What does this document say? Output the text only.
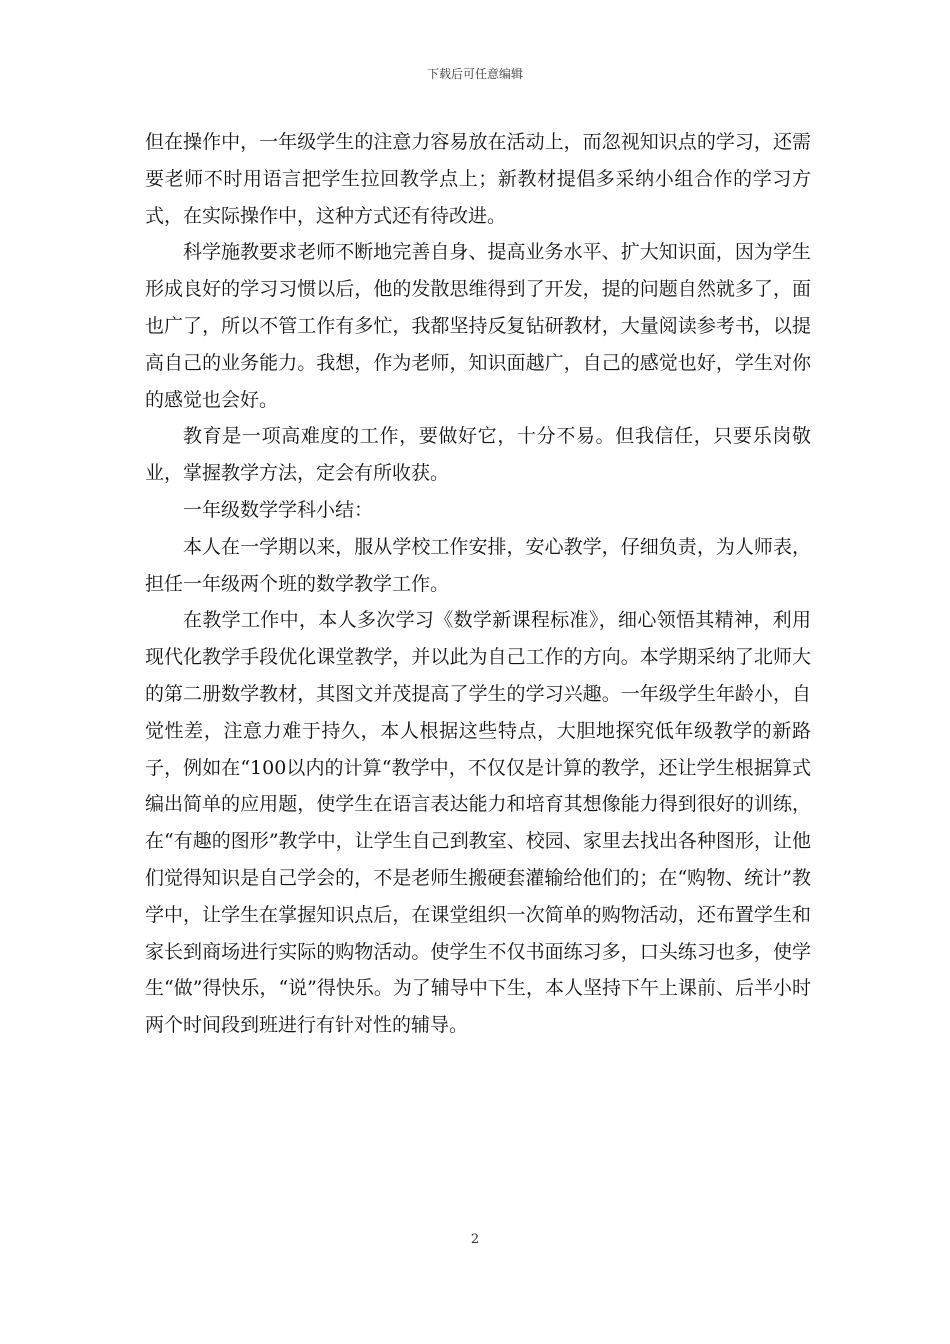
下载后可任意编辑

但在操作中，一年级学生的注意力容易放在活动上，而忽视知识点的学习，还需要老师不时用语言把学生拉回教学点上；新教材提倡多采纳小组合作的学习方式，在实际操作中，这种方式还有待改进。

科学施教要求老师不断地完善自身、提高业务水平、扩大知识面，因为学生形成良好的学习习惯以后，他的发散思维得到了开发，提的问题自然就多了，面也广了，所以不管工作有多忙，我都坚持反复钻研教材，大量阅读参考书，以提高自己的业务能力。我想，作为老师，知识面越广，自己的感觉也好，学生对你的感觉也会好。

教育是一项高难度的工作，要做好它，十分不易。但我信任，只要乐岗敬业，掌握教学方法，定会有所收获。

一年级数学学科小结：

本人在一学期以来，服从学校工作安排，安心教学，仔细负责，为人师表，担任一年级两个班的数学教学工作。

在教学工作中，本人多次学习《数学新课程标准》，细心领悟其精神，利用现代化教学手段优化课堂教学，并以此为自己工作的方向。本学期采纳了北师大的第二册数学教材，其图文并茂提高了学生的学习兴趣。一年级学生年龄小，自觉性差，注意力难于持久，本人根据这些特点，大胆地探究低年级教学的新路子，例如在“100以内的计算“教学中，不仅仅是计算的教学，还让学生根据算式编出简单的应用题，使学生在语言表达能力和培育其想像能力得到很好的训练，在“有趣的图形”教学中，让学生自己到教室、校园、家里去找出各种图形，让他们觉得知识是自己学会的，不是老师生搬硬套灌输给他们的；在“购物、统计”教学中，让学生在掌握知识点后，在课堂组织一次简单的购物活动，还布置学生和家长到商场进行实际的购物活动。使学生不仅书面练习多，口头练习也多，使学生“做”得快乐，“说”得快乐。为了辅导中下生，本人坚持下午上课前、后半小时两个时间段到班进行有针对性的辅导。

2
